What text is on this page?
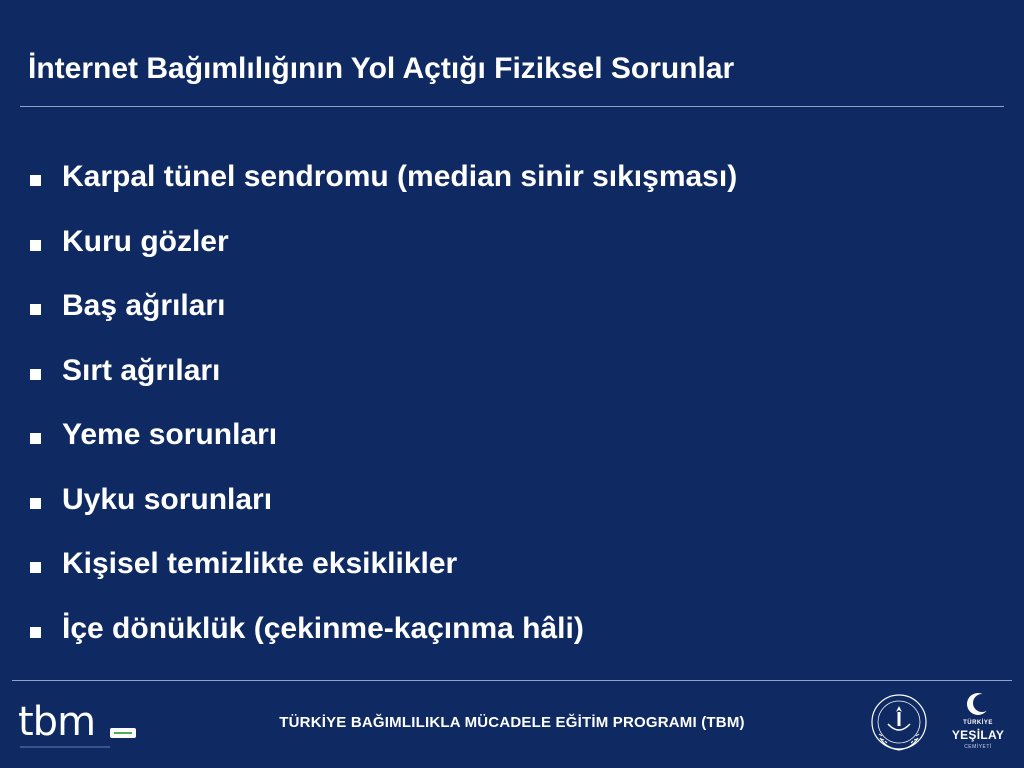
İnternet Bağımlılığının Yol Açtığı Fiziksel Sorunlar
Karpal tünel sendromu (median sinir sıkışması)
Kuru gözler
Baş ağrıları
Sırt ağrıları
Yeme sorunları
Uyku sorunları
Kişisel temizlikte eksiklikler
İçe dönüklük (çekinme-kaçınma hâli)
tbm	TÜRKİYE BAĞIMLILIKLA MÜCADELE EĞİTİM PROGRAMI (TBM)	TÜRKİYE
YEŞİLAY
CEMİYETİ
